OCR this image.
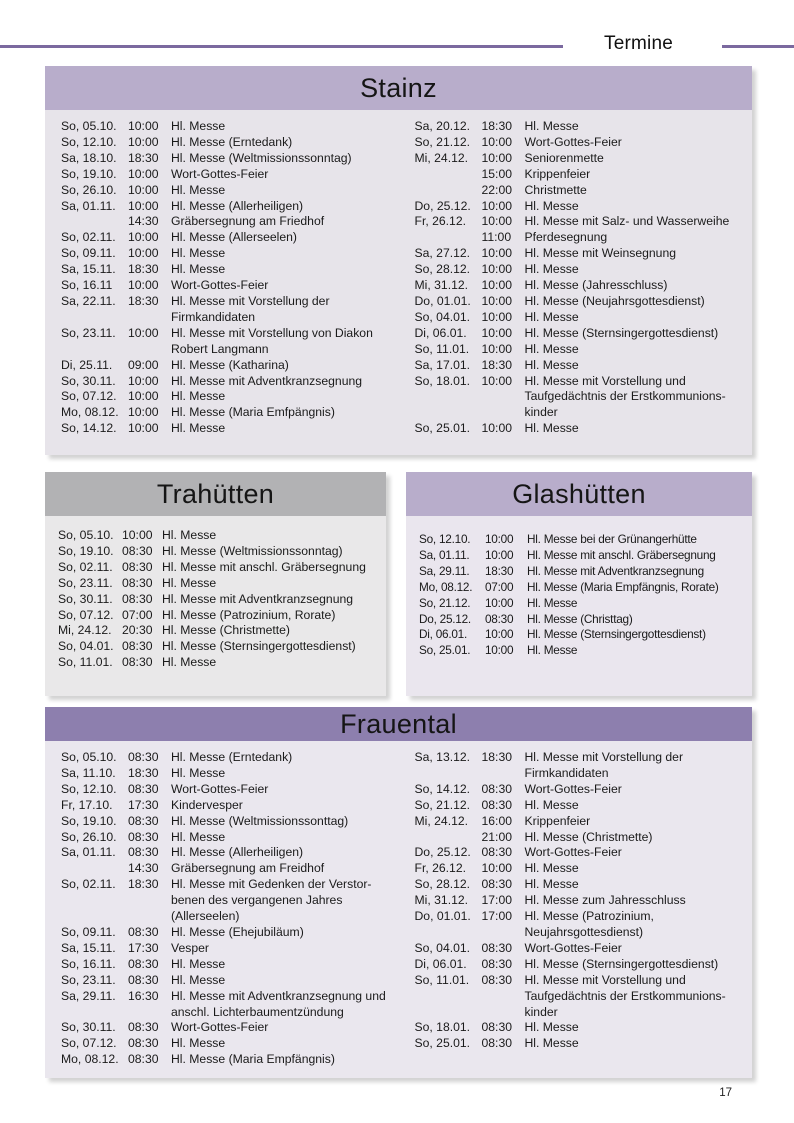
Termine
Stainz
So, 05.10. 10:00	Hl. Messe
So, 12.10. 10:00	Hl. Messe (Erntedank)
Sa, 18.10. 18:30	Hl. Messe (Weltmissionssonntag)
So, 19.10. 10:00	Wort-Gottes-Feier
So, 26.10. 10:00	Hl. Messe
Sa, 01.11.	10:00	Hl. Messe (Allerheiligen)
14:30	Gräbersegnung am Friedhof
So, 02.11.	10:00	Hl. Messe (Allerseelen)
So, 09.11.	10:00	Hl. Messe
Sa, 15.11.	18:30	Hl. Messe
So, 16.11	10:00	Wort-Gottes-Feier
Sa, 22.11.	18:30	Hl. Messe mit Vorstellung der Firmkandidaten
So, 23.11.	10:00	Hl. Messe mit Vorstellung von Diakon Robert Langmann
Di, 25.11.	09:00	Hl. Messe (Katharina)
So, 30.11.	10:00	Hl. Messe mit Adventkranzsegnung
So, 07.12. 10:00	Hl. Messe
Mo, 08.12. 10:00	Hl. Messe (Maria Emfpängnis)
So, 14.12. 10:00	Hl. Messe
Sa, 20.12. 18:30	Hl. Messe
So, 21.12. 10:00	Wort-Gottes-Feier
Mi, 24.12.	10:00	Seniorenmette
15:00	Krippenfeier
22:00	Christmette
Do, 25.12. 10:00	Hl. Messe
Fr, 26.12.	10:00	Hl. Messe mit Salz- und Wasserweihe
11:00	Pferdesegnung
Sa, 27.12. 10:00	Hl. Messe mit Weinsegnung
So, 28.12. 10:00	Hl. Messe
Mi, 31.12.	10:00	Hl. Messe (Jahresschluss)
Do, 01.01. 10:00	Hl. Messe (Neujahrsgottesdienst)
So, 04.01. 10:00	Hl. Messe
Di, 06.01.	10:00	Hl. Messe (Sternsingergottesdienst)
So, 11.01.	10:00	Hl. Messe
Sa, 17.01. 18:30	Hl. Messe
So, 18.01. 10:00	Hl. Messe mit Vorstellung und Taufgedächtnis der Erstkommunions-kinder
So, 25.01. 10:00	Hl. Messe
Trahütten
So, 05.10. 10:00 Hl. Messe
So, 19.10. 08:30 Hl. Messe (Weltmissionssonntag)
So, 02.11. 08:30 Hl. Messe mit anschl. Gräbersegnung
So, 23.11. 08:30 Hl. Messe
So, 30.11. 08:30 Hl. Messe mit Adventkranzsegnung
So, 07.12. 07:00 Hl. Messe (Patrozinium, Rorate)
Mi, 24.12. 20:30 Hl. Messe (Christmette)
So, 04.01. 08:30 Hl. Messe (Sternsingergottesdienst)
So, 11.01. 08:30 Hl. Messe
Glashütten
So, 12.10.	10:00	Hl. Messe bei der Grünangerhütte
Sa, 01.11.	10:00	Hl. Messe mit anschl. Gräbersegnung
Sa, 29.11.	18:30	Hl. Messe mit Adventkranzsegnung
Mo, 08.12.	07:00	Hl. Messe (Maria Empfängnis, Rorate)
So, 21.12.	10:00	Hl. Messe
Do, 25.12.	08:30	Hl. Messe (Christtag)
Di, 06.01.	10:00	Hl. Messe (Sternsingergottesdienst)
So, 25.01.	10:00	Hl. Messe
Frauental
So, 05.10. 08:30	Hl. Messe (Erntedank)
Sa, 11.10.	18:30	Hl. Messe
So, 12.10. 08:30	Wort-Gottes-Feier
Fr, 17.10.	17:30	Kindervesper
So, 19.10. 08:30	Hl. Messe (Weltmissionssonttag)
So, 26.10. 08:30	Hl. Messe
Sa, 01.11.	08:30	Hl. Messe (Allerheiligen)
14:30	Gräbersegnung am Freidhof
So, 02.11.	18:30	Hl. Messe mit Gedenken der Verstor-benen des vergangenen Jahres (Allerseelen)
So, 09.11.	08:30	Hl. Messe (Ehejubiläum)
Sa, 15.11.	17:30	Vesper
So, 16.11.	08:30	Hl. Messe
So, 23.11.	08:30	Hl. Messe
Sa, 29.11.	16:30	Hl. Messe mit Adventkranzsegnung und anschl. Lichterbaumentzündung
So, 30.11.	08:30	Wort-Gottes-Feier
So, 07.12. 08:30	Hl. Messe
Mo, 08.12. 08:30	Hl. Messe (Maria Empfängnis)
Sa, 13.12. 18:30	Hl. Messe mit Vorstellung der Firmkandidaten
So, 14.12. 08:30	Wort-Gottes-Feier
So, 21.12. 08:30	Hl. Messe
Mi, 24.12.	16:00	Krippenfeier
21:00	Hl. Messe (Christmette)
Do, 25.12. 08:30	Wort-Gottes-Feier
Fr, 26.12.	10:00	Hl. Messe
So, 28.12. 08:30	Hl. Messe
Mi, 31.12.	17:00	Hl. Messe zum Jahresschluss
Do, 01.01. 17:00	Hl. Messe (Patrozinium, Neujahrsgottesdienst)
So, 04.01. 08:30	Wort-Gottes-Feier
Di, 06.01.	08:30	Hl. Messe (Sternsingergottesdienst)
So, 11.01.	08:30	Hl. Messe mit Vorstellung und Taufgedächtnis der Erstkommunions-kinder
So, 18.01. 08:30	Hl. Messe
So, 25.01. 08:30	Hl. Messe
17
